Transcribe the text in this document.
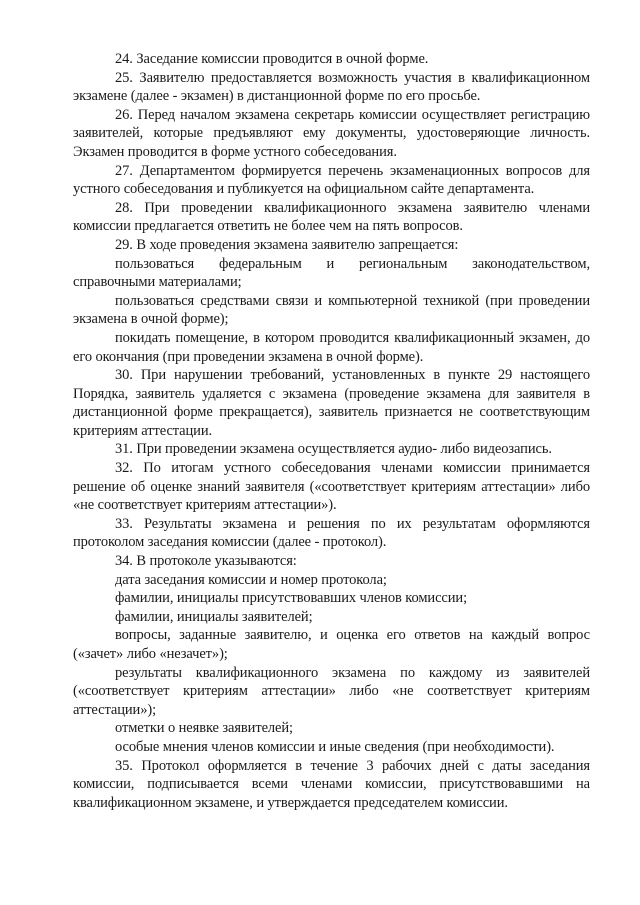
24. Заседание комиссии проводится в очной форме.

25. Заявителю предоставляется возможность участия в квалификационном экзамене (далее - экзамен) в дистанционной форме по его просьбе.

26. Перед началом экзамена секретарь комиссии осуществляет регистрацию заявителей, которые предъявляют ему документы, удостоверяющие личность. Экзамен проводится в форме устного собеседования.

27. Департаментом формируется перечень экзаменационных вопросов для устного собеседования и публикуется на официальном сайте департамента.

28. При проведении квалификационного экзамена заявителю членами комиссии предлагается ответить не более чем на пять вопросов.

29. В ходе проведения экзамена заявителю запрещается:

пользоваться федеральным и региональным законодательством, справочными материалами;

пользоваться средствами связи и компьютерной техникой (при проведении экзамена в очной форме);

покидать помещение, в котором проводится квалификационный экзамен, до его окончания (при проведении экзамена в очной форме).

30. При нарушении требований, установленных в пункте 29 настоящего Порядка, заявитель удаляется с экзамена (проведение экзамена для заявителя в дистанционной форме прекращается), заявитель признается не соответствующим критериям аттестации.

31. При проведении экзамена осуществляется аудио- либо видеозапись.

32. По итогам устного собеседования членами комиссии принимается решение об оценке знаний заявителя («соответствует критериям аттестации» либо «не соответствует критериям аттестации»).

33. Результаты экзамена и решения по их результатам оформляются протоколом заседания комиссии (далее - протокол).

34. В протоколе указываются:

дата заседания комиссии и номер протокола;

фамилии, инициалы присутствовавших членов комиссии;

фамилии, инициалы заявителей;

вопросы, заданные заявителю, и оценка его ответов на каждый вопрос («зачет» либо «незачет»);

результаты квалификационного экзамена по каждому из заявителей («соответствует критериям аттестации» либо «не соответствует критериям аттестации»);

отметки о неявке заявителей;

особые мнения членов комиссии и иные сведения (при необходимости).

35. Протокол оформляется в течение 3 рабочих дней с даты заседания комиссии, подписывается всеми членами комиссии, присутствовавшими на квалификационном экзамене, и утверждается председателем комиссии.
